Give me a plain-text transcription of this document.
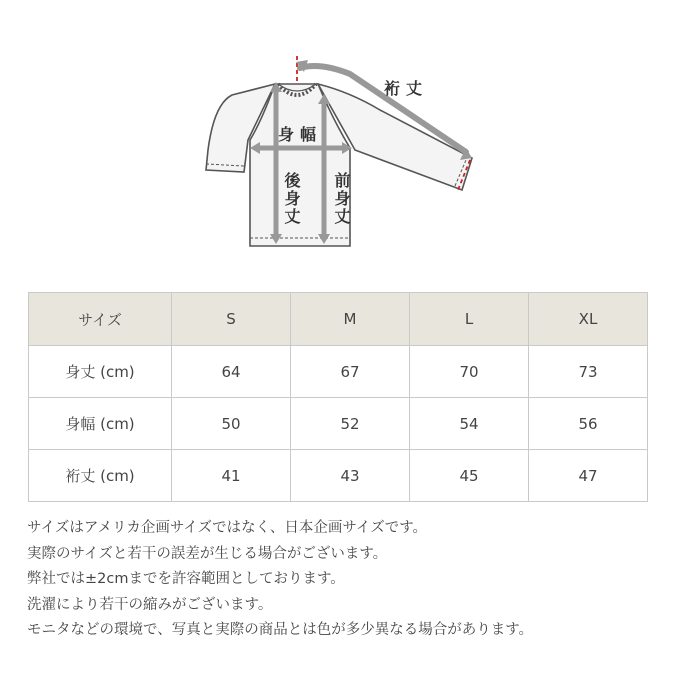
裄丈
身幅
後身丈 前身丈
サイズ	S	M	L	XL
身丈 (cm)	64	67	70	73
身幅 (cm)	50	52	54	56
裄丈 (cm)	41	43	45	47
サイズはアメリカ企画サイズではなく、日本企画サイズです。
実際のサイズと若干の誤差が生じる場合がございます。
弊社では±2cmまでを許容範囲としております。
洗濯により若干の縮みがございます。
モニタなどの環境で、写真と実際の商品とは色が多少異なる場合があります。
